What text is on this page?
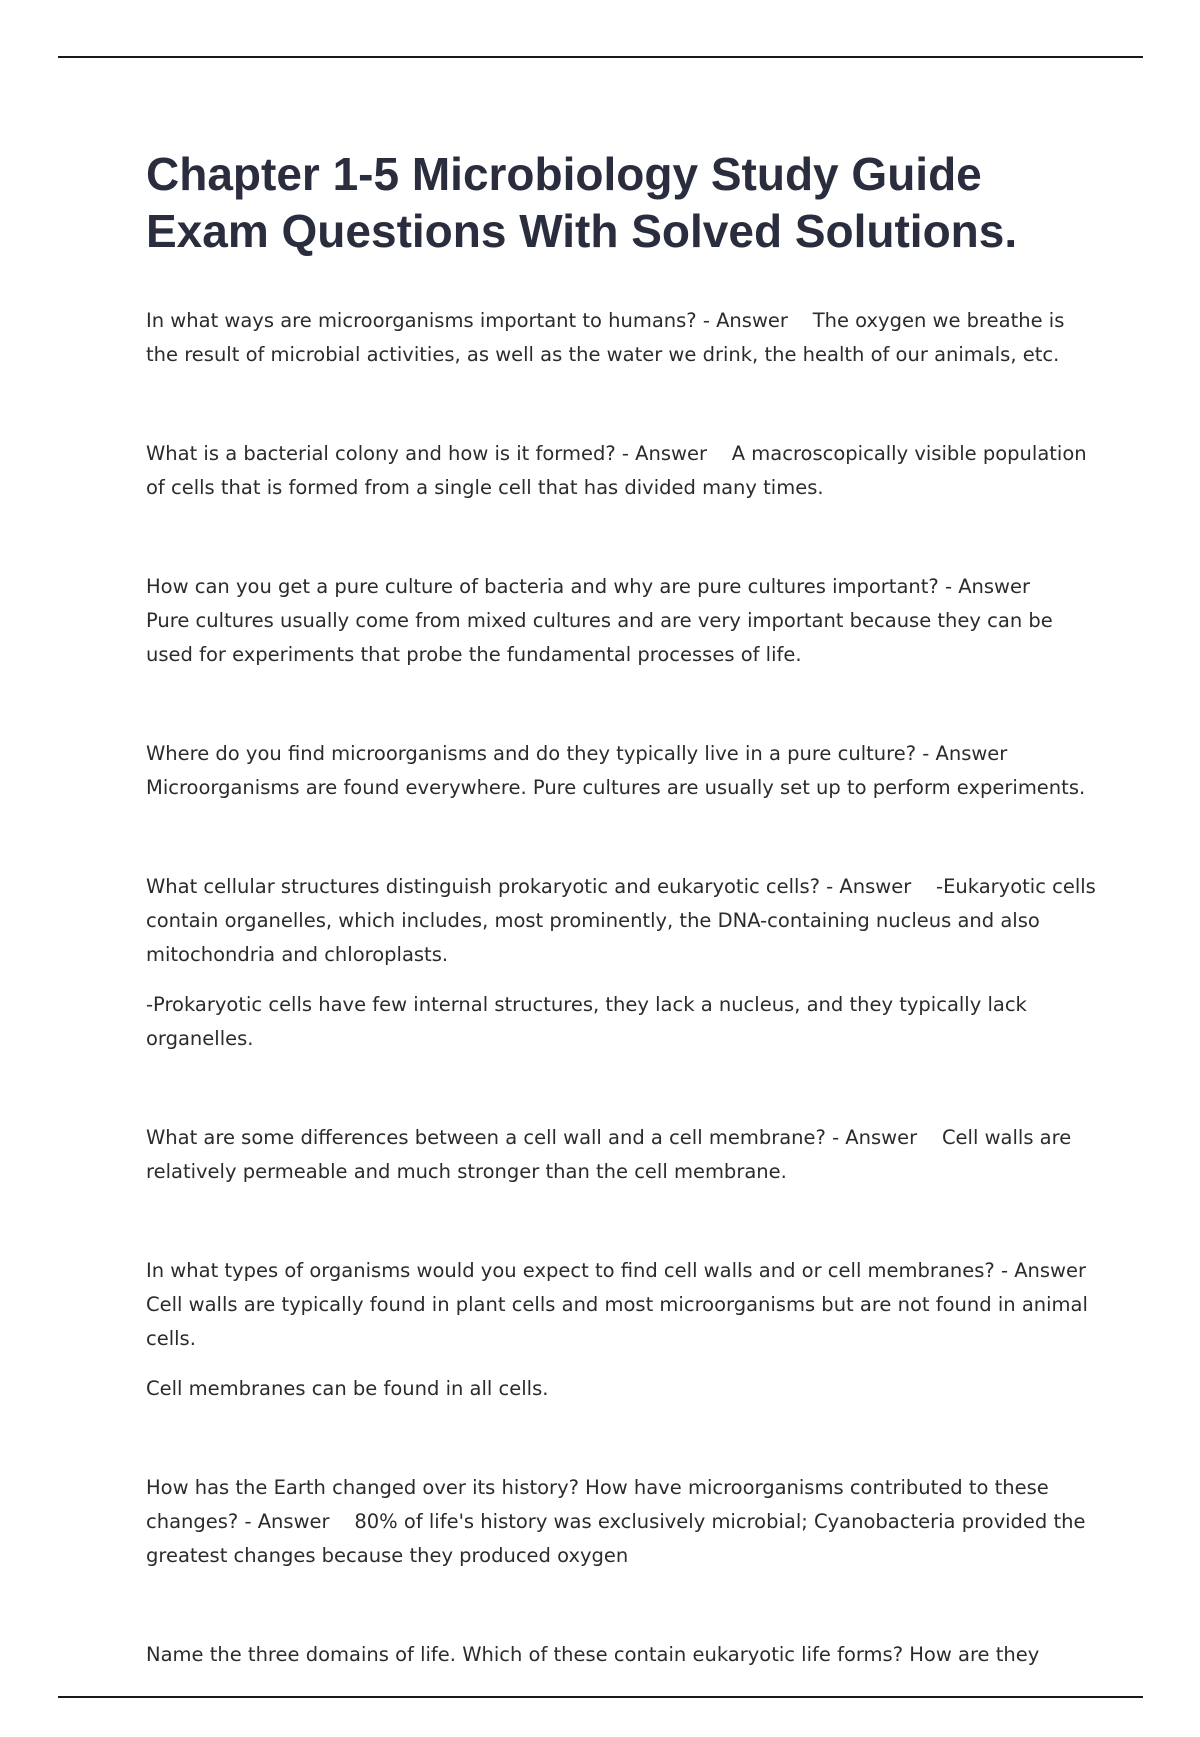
Chapter 1-5 Microbiology Study Guide
Exam Questions With Solved Solutions.

In what ways are microorganisms important to humans? - Answer The oxygen we breathe is the result of microbial activities, as well as the water we drink, the health of our animals, etc.

What is a bacterial colony and how is it formed? - Answer A macroscopically visible population of cells that is formed from a single cell that has divided many times.

How can you get a pure culture of bacteria and why are pure cultures important? - Answer
Pure cultures usually come from mixed cultures and are very important because they can be used for experiments that probe the fundamental processes of life.

Where do you find microorganisms and do they typically live in a pure culture? - Answer
Microorganisms are found everywhere. Pure cultures are usually set up to perform experiments.

What cellular structures distinguish prokaryotic and eukaryotic cells? - Answer -Eukaryotic cells contain organelles, which includes, most prominently, the DNA-containing nucleus and also mitochondria and chloroplasts.

-Prokaryotic cells have few internal structures, they lack a nucleus, and they typically lack organelles.

What are some differences between a cell wall and a cell membrane? - Answer Cell walls are relatively permeable and much stronger than the cell membrane.

In what types of organisms would you expect to find cell walls and or cell membranes? - Answer
Cell walls are typically found in plant cells and most microorganisms but are not found in animal cells.

Cell membranes can be found in all cells.

How has the Earth changed over its history? How have microorganisms contributed to these changes? - Answer 80% of life's history was exclusively microbial; Cyanobacteria provided the greatest changes because they produced oxygen

Name the three domains of life. Which of these contain eukaryotic life forms? How are they
